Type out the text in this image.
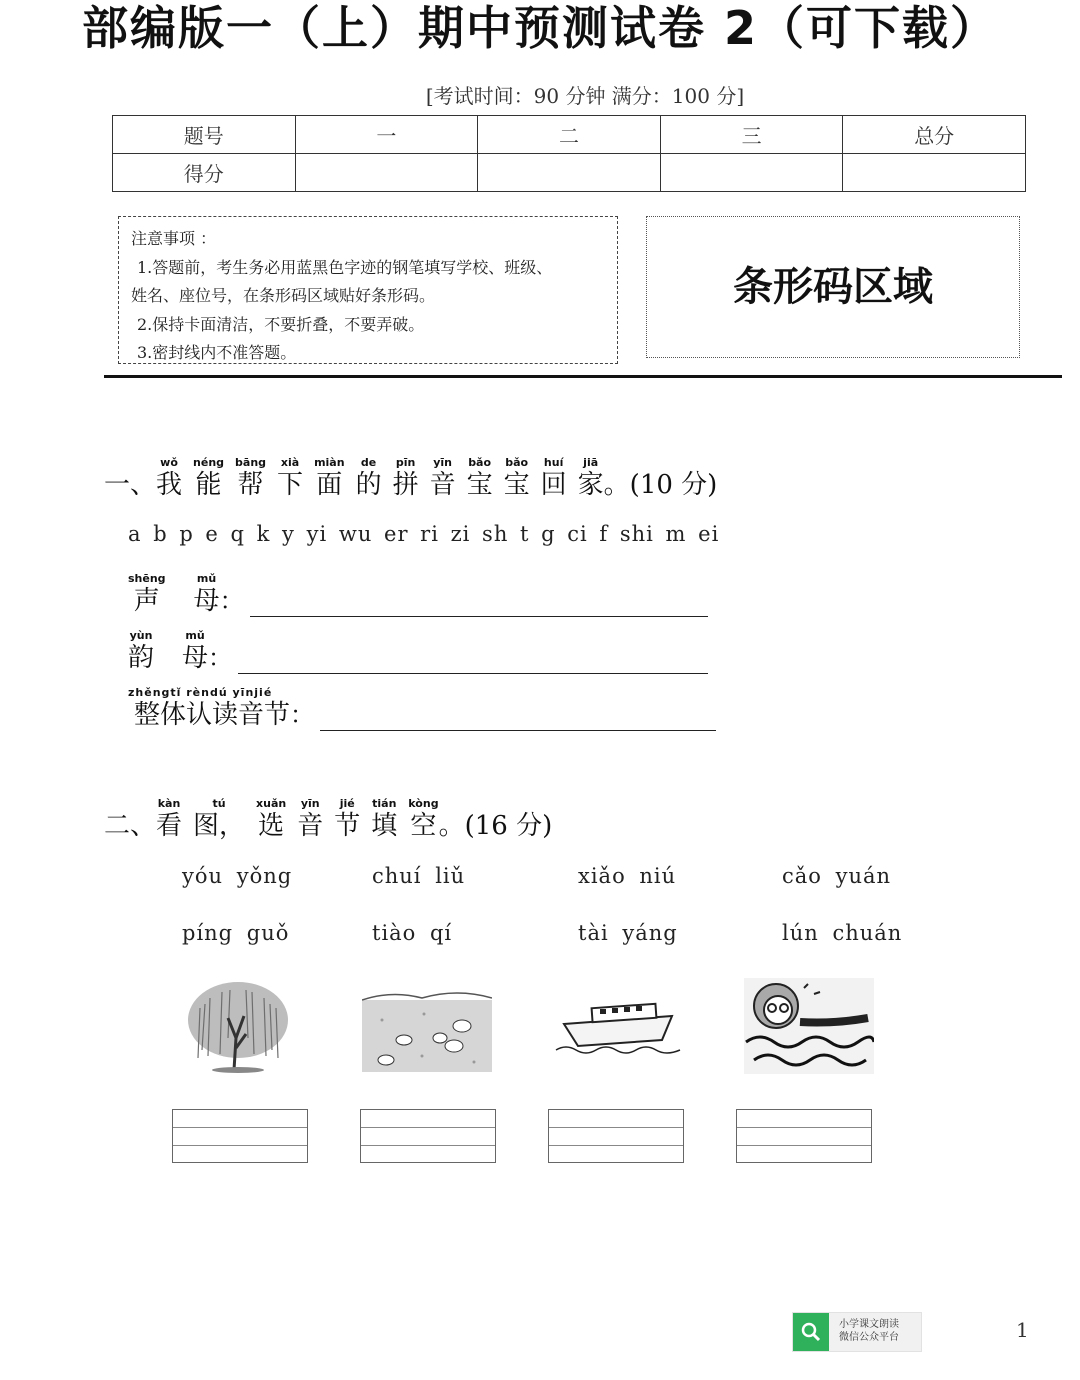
部编版一（上）期中预测试卷 2（可下载）
[考试时间：90 分钟 满分：100 分]
题号	一	二	三	总分
得分				
注意事项 ：
1.答题前，考生务必用蓝黑色字迹的钢笔填写学校、班级、
姓名、座位号，在条形码区域贴好条形码。
2.保持卡面清洁，不要折叠，不要弄破。
3.密封线内不准答题。
条形码区域
一、
wǒ
我
néng
能
bāng
帮
xià
下
miàn
面
de
的
pīn
拼
yīn
音
bǎo
宝
bǎo
宝
huí
回
jiā
家 。(10 分)
a b p e q k y yi wu er ri zi sh t g ci f shi m ei
shēng
声
mǔ
母 ：
yùn
韵
mǔ
母 ：
zhěngtǐ rèndú yīnjié
整体认读音节 ：
二、
kàn
看
tú
图，
xuǎn
选
yīn
音
jié
节
tián
填
kòng
空 。(16 分)
yóu yǒng	chuí liǔ	xiǎo niú	cǎo yuán
píng guǒ	tiào qí	tài yáng	lún chuán
小学课文朗读
微信公众平台	1
